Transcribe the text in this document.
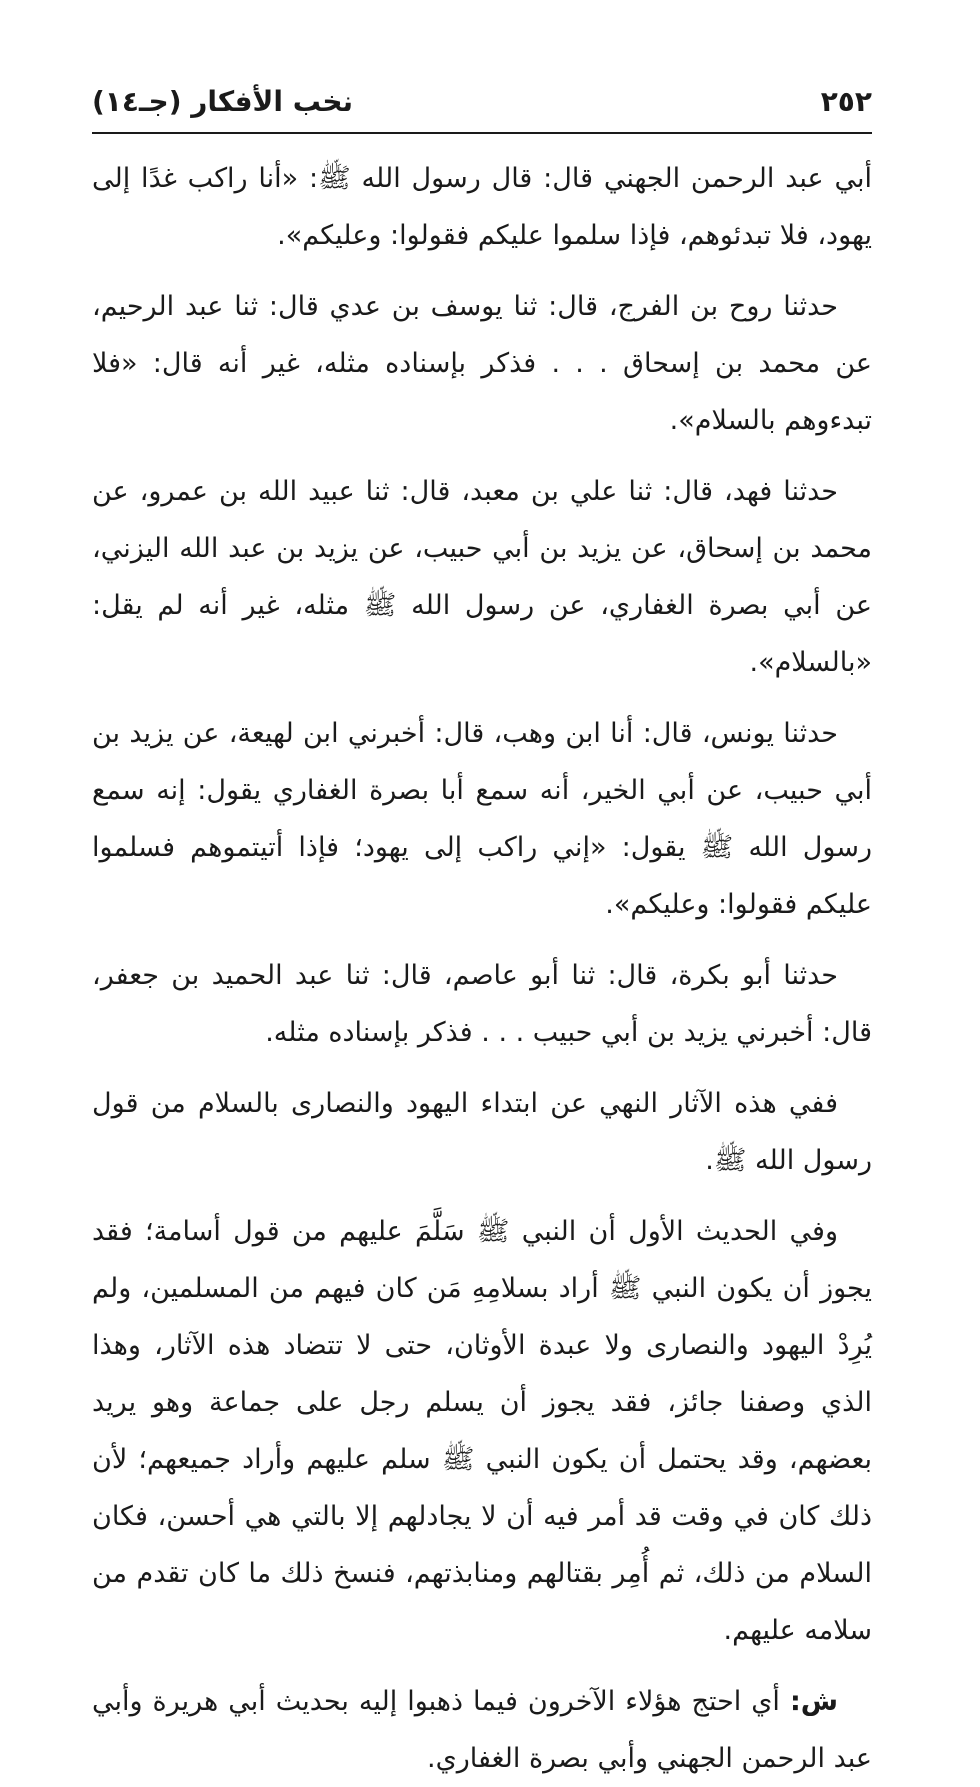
٢٥٢
نخب الأفكار (جـ١٤)

أبي عبد الرحمن الجهني قال: قال رسول الله ﷺ: «أنا راكب غدًا إلى يهود، فلا تبدئوهم، فإذا سلموا عليكم فقولوا: وعليكم».

حدثنا روح بن الفرج، قال: ثنا يوسف بن عدي قال: ثنا عبد الرحيم، عن محمد بن إسحاق . . . فذكر بإسناده مثله، غير أنه قال: «فلا تبدءوهم بالسلام».

حدثنا فهد، قال: ثنا علي بن معبد، قال: ثنا عبيد الله بن عمرو، عن محمد بن إسحاق، عن يزيد بن أبي حبيب، عن يزيد بن عبد الله اليزني، عن أبي بصرة الغفاري، عن رسول الله ﷺ مثله، غير أنه لم يقل: «بالسلام».

حدثنا يونس، قال: أنا ابن وهب، قال: أخبرني ابن لهيعة، عن يزيد بن أبي حبيب، عن أبي الخير، أنه سمع أبا بصرة الغفاري يقول: إنه سمع رسول الله ﷺ يقول: «إني راكب إلى يهود؛ فإذا أتيتموهم فسلموا عليكم فقولوا: وعليكم».

حدثنا أبو بكرة، قال: ثنا أبو عاصم، قال: ثنا عبد الحميد بن جعفر، قال: أخبرني يزيد بن أبي حبيب . . . فذكر بإسناده مثله.

ففي هذه الآثار النهي عن ابتداء اليهود والنصارى بالسلام من قول رسول الله ﷺ.

وفي الحديث الأول أن النبي ﷺ سَلَّمَ عليهم من قول أسامة؛ فقد يجوز أن يكون النبي ﷺ أراد بسلامِهِ مَن كان فيهم من المسلمين، ولم يُرِدْ اليهود والنصارى ولا عبدة الأوثان، حتى لا تتضاد هذه الآثار، وهذا الذي وصفنا جائز، فقد يجوز أن يسلم رجل على جماعة وهو يريد بعضهم، وقد يحتمل أن يكون النبي ﷺ سلم عليهم وأراد جميعهم؛ لأن ذلك كان في وقت قد أمر فيه أن لا يجادلهم إلا بالتي هي أحسن، فكان السلام من ذلك، ثم أُمِر بقتالهم ومنابذتهم، فنسخ ذلك ما كان تقدم من سلامه عليهم.

ش: أي احتج هؤلاء الآخرون فيما ذهبوا إليه بحديث أبي هريرة وأبي عبد الرحمن الجهني وأبي بصرة الغفاري.
